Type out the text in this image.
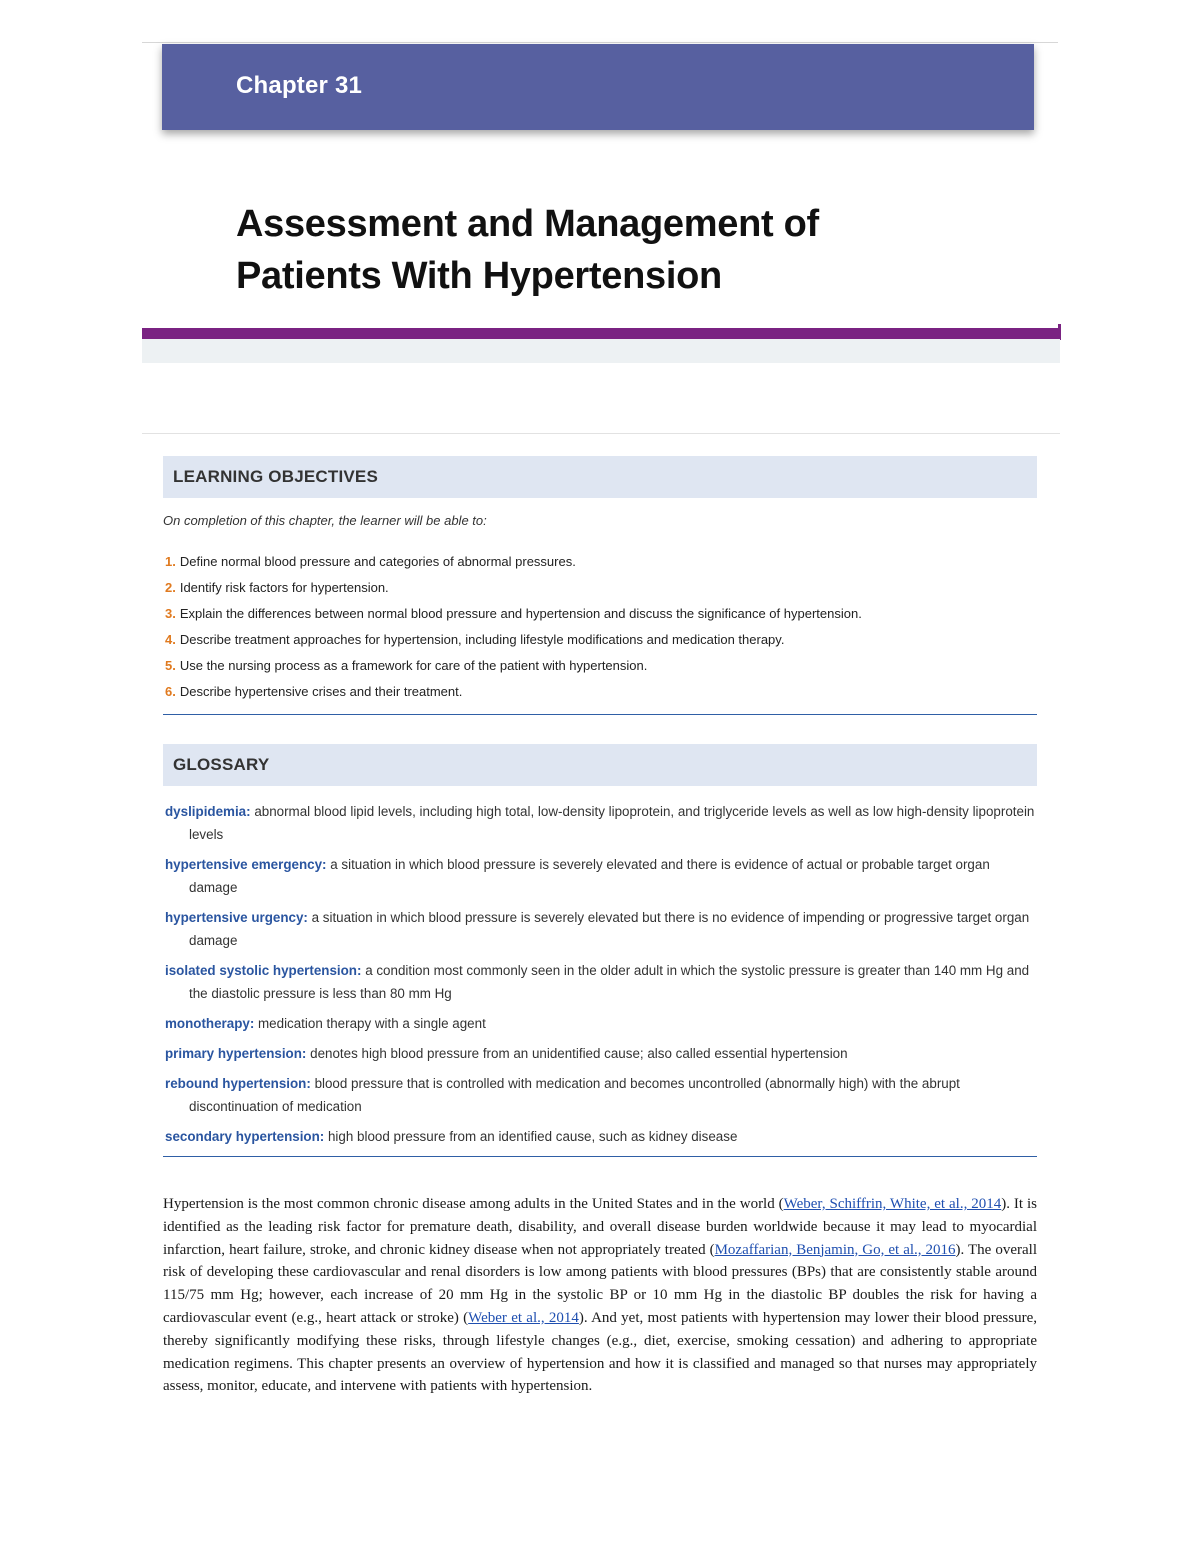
Chapter 31
Assessment and Management of
Patients With Hypertension
LEARNING OBJECTIVES
On completion of this chapter, the learner will be able to:
1. Define normal blood pressure and categories of abnormal pressures.
2. Identify risk factors for hypertension.
3. Explain the differences between normal blood pressure and hypertension and discuss the significance of hypertension.
4. Describe treatment approaches for hypertension, including lifestyle modifications and medication therapy.
5. Use the nursing process as a framework for care of the patient with hypertension.
6. Describe hypertensive crises and their treatment.
GLOSSARY
dyslipidemia: abnormal blood lipid levels, including high total, low-density lipoprotein, and triglyceride levels as well as low high-density lipoprotein levels
hypertensive emergency: a situation in which blood pressure is severely elevated and there is evidence of actual or probable target organ damage
hypertensive urgency: a situation in which blood pressure is severely elevated but there is no evidence of impending or progressive target organ damage
isolated systolic hypertension: a condition most commonly seen in the older adult in which the systolic pressure is greater than 140 mm Hg and the diastolic pressure is less than 80 mm Hg
monotherapy: medication therapy with a single agent
primary hypertension: denotes high blood pressure from an unidentified cause; also called essential hypertension
rebound hypertension: blood pressure that is controlled with medication and becomes uncontrolled (abnormally high) with the abrupt discontinuation of medication
secondary hypertension: high blood pressure from an identified cause, such as kidney disease

Hypertension is the most common chronic disease among adults in the United States and in the world (Weber, Schiffrin, White, et al., 2014). It is identified as the leading risk factor for premature death, disability, and overall disease burden worldwide because it may lead to myocardial infarction, heart failure, stroke, and chronic kidney disease when not appropriately treated (Mozaffarian, Benjamin, Go, et al., 2016). The overall risk of developing these cardiovascular and renal disorders is low among patients with blood pressures (BPs) that are consistently stable around 115/75 mm Hg; however, each increase of 20 mm Hg in the systolic BP or 10 mm Hg in the diastolic BP doubles the risk for having a cardiovascular event (e.g., heart attack or stroke) (Weber et al., 2014). And yet, most patients with hypertension may lower their blood pressure, thereby significantly modifying these risks, through lifestyle changes (e.g., diet, exercise, smoking cessation) and adhering to appropriate medication regimens. This chapter presents an overview of hypertension and how it is classified and managed so that nurses may appropriately assess, monitor, educate, and intervene with patients with hypertension.
